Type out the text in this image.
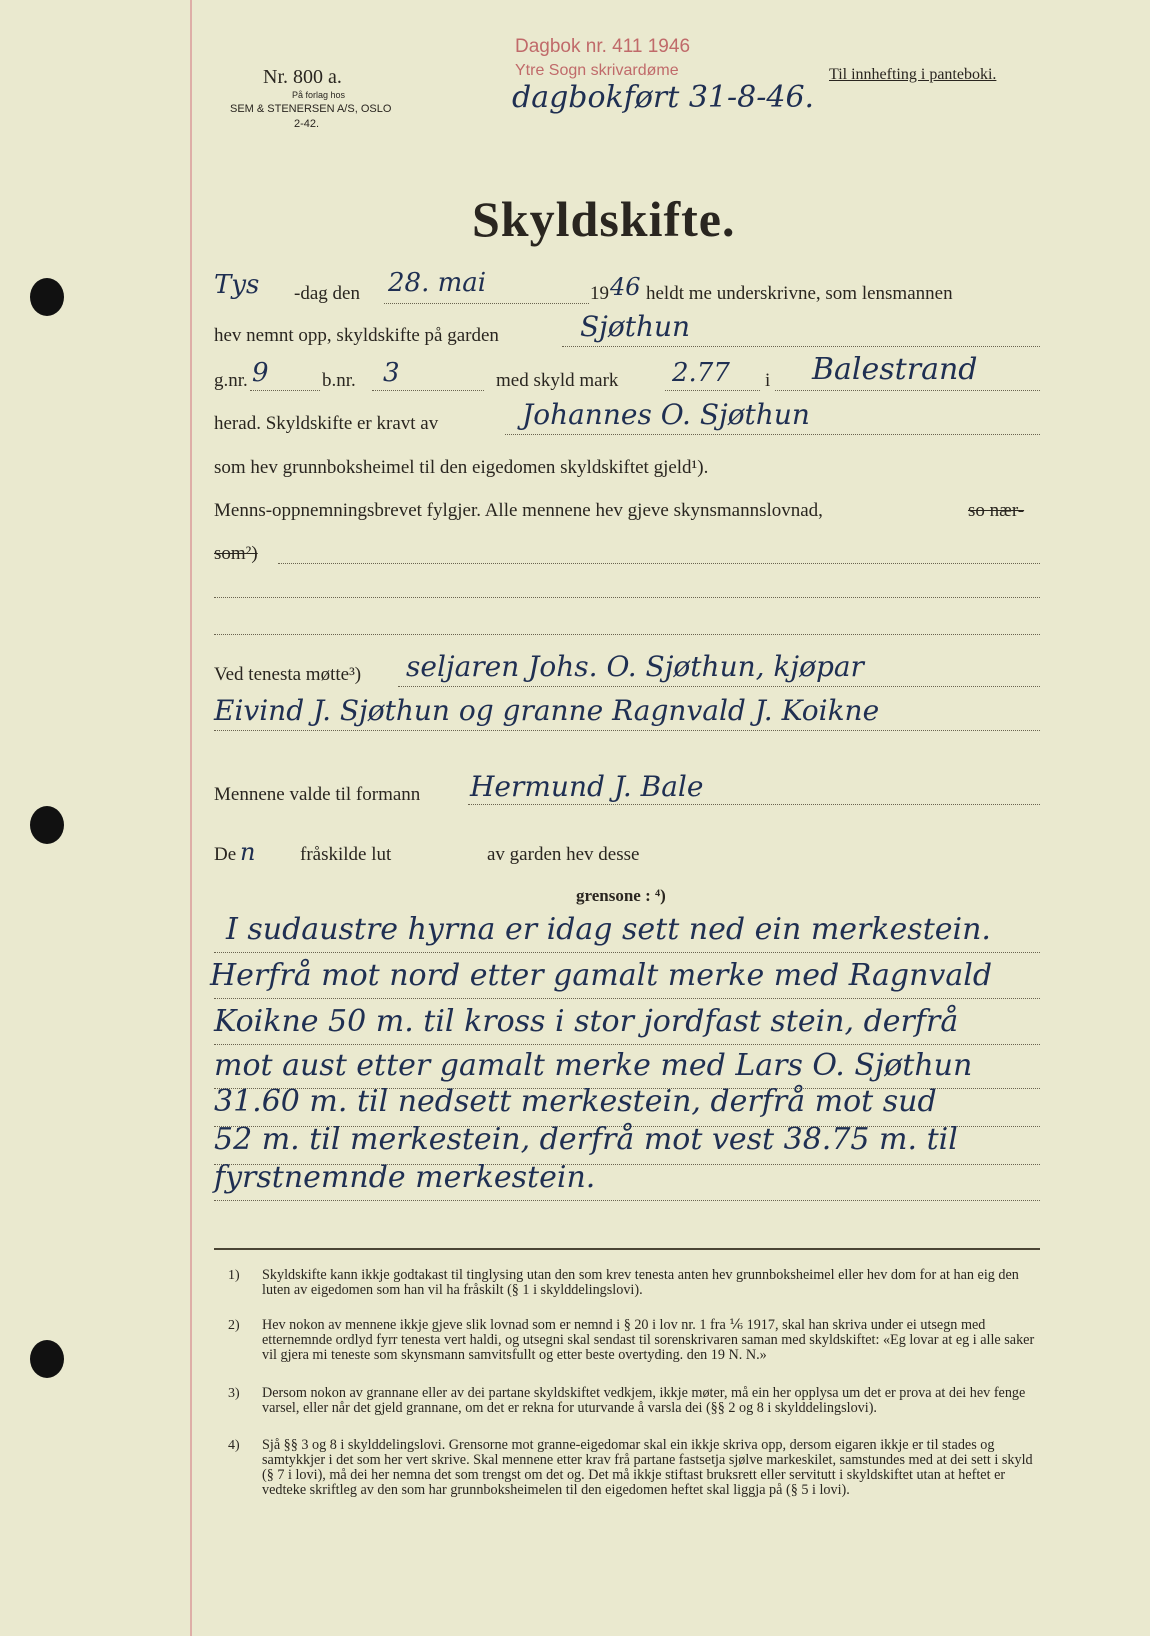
Nr. 800 a.
På forlag hos
SEM & STENERSEN A/S, OSLO
2-42.
Dagbok nr. 411 1946
Ytre Sogn skrivardøme
dagbokført 31-8-46.
Til innhefting i panteboki.
Skyldskifte.
Tys -dag den 28. mai	19 46 heldt me underskrivne, som lensmannen
hev nemnt opp, skyldskifte på garden	Sjøthun
g.nr. 9	b.nr. 3	med skyld mark 2.77 i Balestrand
herad. Skyldskifte er kravt av	Johannes O. Sjøthun
som hev grunnboksheimel til den eigedomen skyldskiftet gjeld¹).
Menns-oppnemningsbrevet fylgjer. Alle mennene hev gjeve skynsmannslovnad,	so nær-
som²)
Ved tenesta møtte³) seljaren Johs. O. Sjøthun, kjøpar
Eivind J. Sjøthun og granne Ragnvald J. Koikne
Mennene valde til formann Hermund J. Bale
De n fråskilde lut	av garden hev desse
grensone : ⁴)
I sudaustre hyrna er idag sett ned ein merkestein.
Herfrå mot nord etter gamalt merke med Ragnvald
Koikne 50 m. til kross i stor jordfast stein, derfrå
mot aust etter gamalt merke med Lars O. Sjøthun
31.60 m. til nedsett merkestein, derfrå mot sud
52 m. til merkestein, derfrå mot vest 38.75 m. til
fyrstnemnde merkestein.
1) Skyldskifte kann ikkje godtakast til tinglysing utan den som krev tenesta anten hev grunnboksheimel eller hev dom for at han eig den luten av eigedomen som han vil ha fråskilt (§ 1 i skylddelingslovi).
2) Hev nokon av mennene ikkje gjeve slik lovnad som er nemnd i § 20 i lov nr. 1 fra ⅙ 1917, skal han skriva under ei utsegn med etternemnde ordlyd fyrr tenesta vert haldi, og utsegni skal sendast til sorenskrivaren saman med skyldskiftet: «Eg lovar at eg i alle saker vil gjera mi teneste som skynsmann samvitsfullt og etter beste overtyding. den 19 N. N.»
3) Dersom nokon av grannane eller av dei partane skyldskiftet vedkjem, ikkje møter, må ein her opplysa um det er prova at dei hev fenge varsel, eller når det gjeld grannane, om det er rekna for uturvande å varsla dei (§§ 2 og 8 i skylddelingslovi).
4) Sjå §§ 3 og 8 i skylddelingslovi. Grensorne mot granne-eigedomar skal ein ikkje skriva opp, dersom eigaren ikkje er til stades og samtykkjer i det som her vert skrive. Skal mennene etter krav frå partane fastsetja sjølve markeskilet, samstundes med at dei sett i skyld (§ 7 i lovi), må dei her nemna det som trengst om det og. Det må ikkje stiftast bruksrett eller servitutt i skyldskiftet utan at heftet er vedteke skriftleg av den som har grunnboksheimelen til den eigedomen heftet skal liggja på (§ 5 i lovi).
